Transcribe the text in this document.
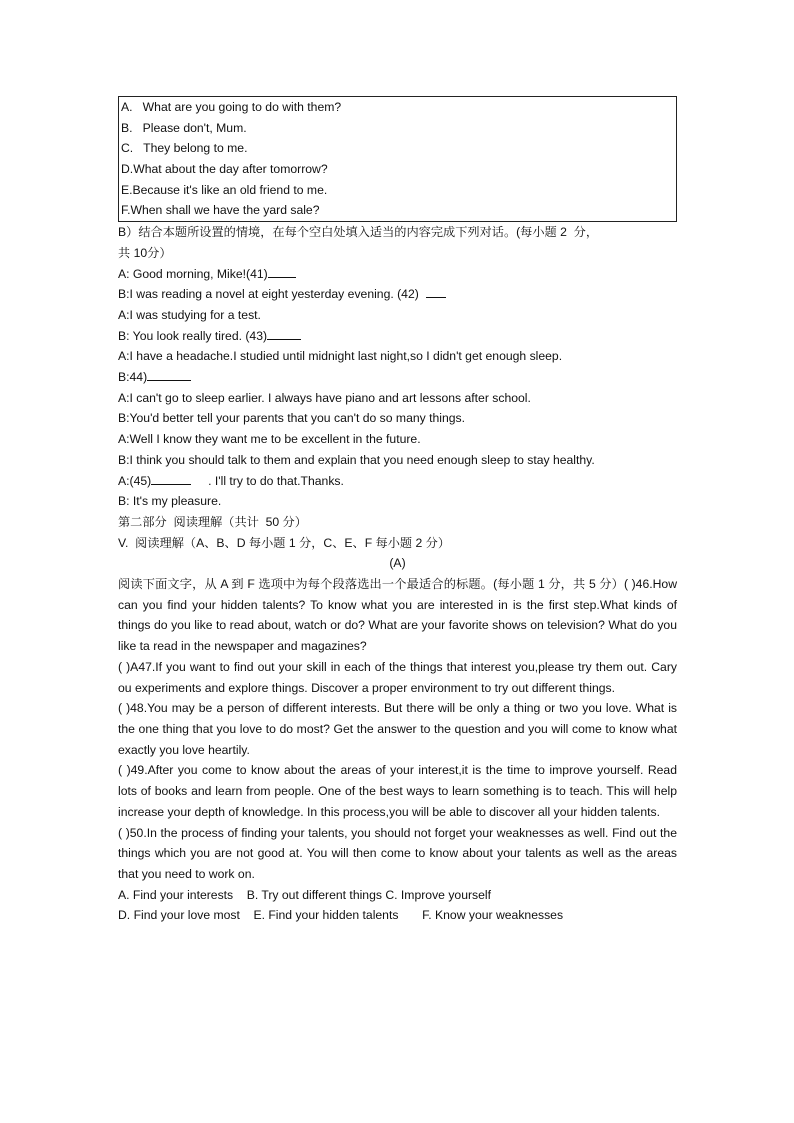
A.   What are you going to do with them?
B.   Please don't, Mum.
C.   They belong to me.
D.What about the day after tomorrow?
E.Because it's like an old friend to me.
F.When shall we have the yard sale?
B）结合本题所设置的情境，在每个空白处填入适当的内容完成下列对话。(每小题 2  分，
共 10分）
A: Good morning, Mike!(41)
B:I was reading a novel at eight yesterday evening. (42)
A:I was studying for a test.
B: You look really tired. (43)
A:I have a headache.I studied until midnight last night,so I didn't get enough sleep.
B:44)
A:I can't go to sleep earlier. I always have piano and art lessons after school.
B:You'd better tell your parents that you can't do so many things.
A:Well I know they want me to be excellent in the future.
B:I think you should talk to them and explain that you need enough sleep to stay healthy.
A:(45)	. I'll try to do that.Thanks.
B: It's my pleasure.
第二部分  阅读理解（共计  50 分）
V.  阅读理解（A、B、D 每小题 1 分，C、E、F 每小题 2 分）
(A)
阅读下面文字，从 A 到 F 选项中为每个段落选出一个最适合的标题。(每小题 1 分，共 5 分）( )46.How can you find your hidden talents? To know what you are interested in is the first step.What kinds of things do you like to read about, watch or do? What are your favorite shows on television? What do you like ta read in the newspaper and magazines?
( )A47.If you want to find out your skill in each of the things that interest you,please try them out. Cary ou experiments and explore things. Discover a proper environment to try out different things.
( )48.You may be a person of different interests. But there will be only a thing or two you love. What is the one thing that you love to do most? Get the answer to the question and you will come to know what exactly you love heartily.
( )49.After you come to know about the areas of your interest,it is the time to improve yourself. Read lots of books and learn from people. One of the best ways to learn something is to teach. This will help increase your depth of knowledge. In this process,you will be able to discover all your hidden talents.
( )50.In the process of finding your talents, you should not forget your weaknesses as well. Find out the things which you are not good at. You will then come to know about your talents as well as the areas that you need to work on.
A. Find your interests    B. Try out different things C. Improve yourself
D. Find your love most    E. Find your hidden talents       F. Know your weaknesses
